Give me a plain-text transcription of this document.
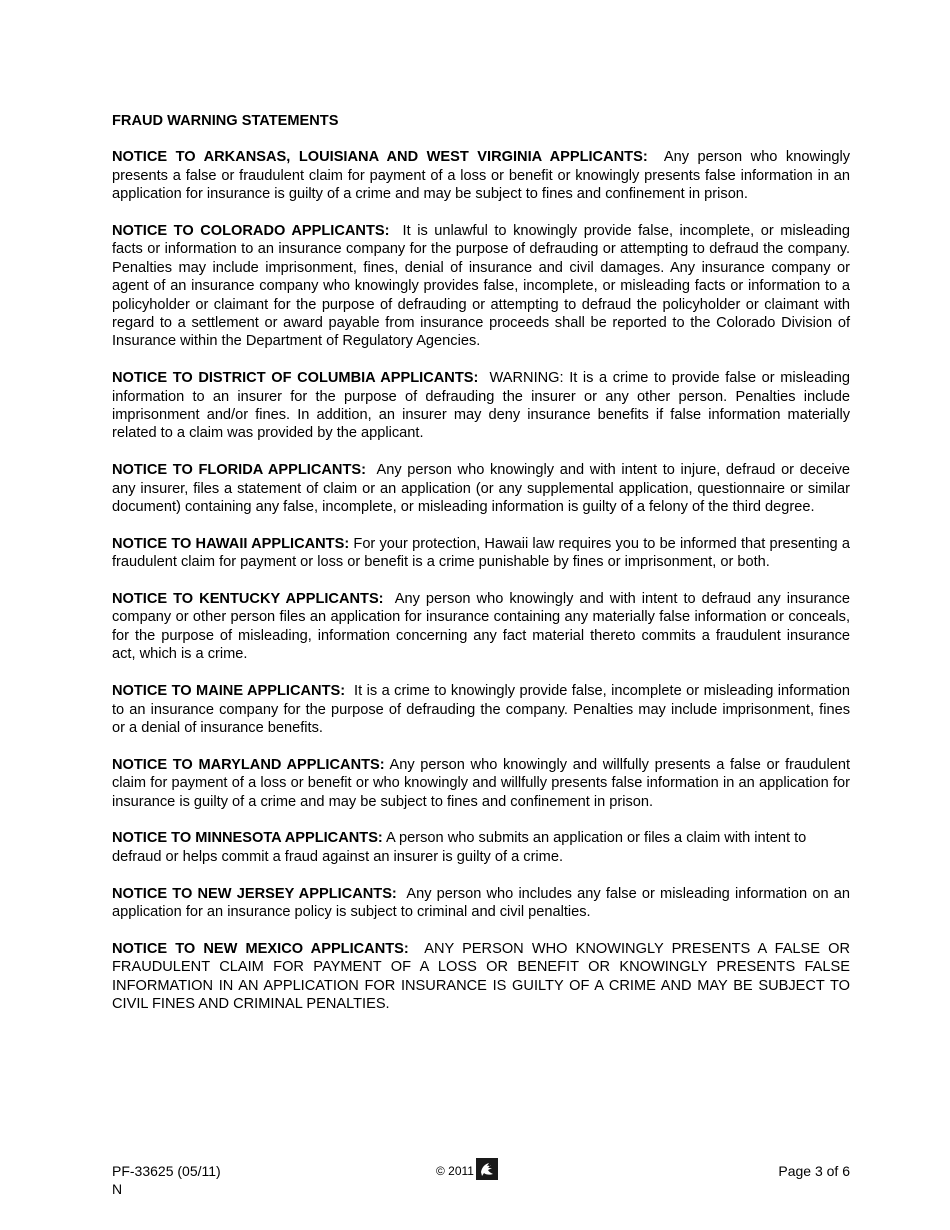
FRAUD WARNING STATEMENTS

NOTICE TO ARKANSAS, LOUISIANA AND WEST VIRGINIA APPLICANTS: Any person who knowingly presents a false or fraudulent claim for payment of a loss or benefit or knowingly presents false information in an application for insurance is guilty of a crime and may be subject to fines and confinement in prison.

NOTICE TO COLORADO APPLICANTS: It is unlawful to knowingly provide false, incomplete, or misleading facts or information to an insurance company for the purpose of defrauding or attempting to defraud the company. Penalties may include imprisonment, fines, denial of insurance and civil damages. Any insurance company or agent of an insurance company who knowingly provides false, incomplete, or misleading facts or information to a policyholder or claimant for the purpose of defrauding or attempting to defraud the policyholder or claimant with regard to a settlement or award payable from insurance proceeds shall be reported to the Colorado Division of Insurance within the Department of Regulatory Agencies.

NOTICE TO DISTRICT OF COLUMBIA APPLICANTS: WARNING: It is a crime to provide false or misleading information to an insurer for the purpose of defrauding the insurer or any other person. Penalties include imprisonment and/or fines. In addition, an insurer may deny insurance benefits if false information materially related to a claim was provided by the applicant.

NOTICE TO FLORIDA APPLICANTS: Any person who knowingly and with intent to injure, defraud or deceive any insurer, files a statement of claim or an application (or any supplemental application, questionnaire or similar document) containing any false, incomplete, or misleading information is guilty of a felony of the third degree.

NOTICE TO HAWAII APPLICANTS: For your protection, Hawaii law requires you to be informed that presenting a fraudulent claim for payment or loss or benefit is a crime punishable by fines or imprisonment, or both.

NOTICE TO KENTUCKY APPLICANTS: Any person who knowingly and with intent to defraud any insurance company or other person files an application for insurance containing any materially false information or conceals, for the purpose of misleading, information concerning any fact material thereto commits a fraudulent insurance act, which is a crime.

NOTICE TO MAINE APPLICANTS: It is a crime to knowingly provide false, incomplete or misleading information to an insurance company for the purpose of defrauding the company. Penalties may include imprisonment, fines or a denial of insurance benefits.

NOTICE TO MARYLAND APPLICANTS: Any person who knowingly and willfully presents a false or fraudulent claim for payment of a loss or benefit or who knowingly and willfully presents false information in an application for insurance is guilty of a crime and may be subject to fines and confinement in prison.

NOTICE TO MINNESOTA APPLICANTS: A person who submits an application or files a claim with intent to defraud or helps commit a fraud against an insurer is guilty of a crime.

NOTICE TO NEW JERSEY APPLICANTS: Any person who includes any false or misleading information on an application for an insurance policy is subject to criminal and civil penalties.

NOTICE TO NEW MEXICO APPLICANTS: ANY PERSON WHO KNOWINGLY PRESENTS A FALSE OR FRAUDULENT CLAIM FOR PAYMENT OF A LOSS OR BENEFIT OR KNOWINGLY PRESENTS FALSE INFORMATION IN AN APPLICATION FOR INSURANCE IS GUILTY OF A CRIME AND MAY BE SUBJECT TO CIVIL FINES AND CRIMINAL PENALTIES.

PF-33625 (05/11)
N
© 2011	Page 3 of 6
